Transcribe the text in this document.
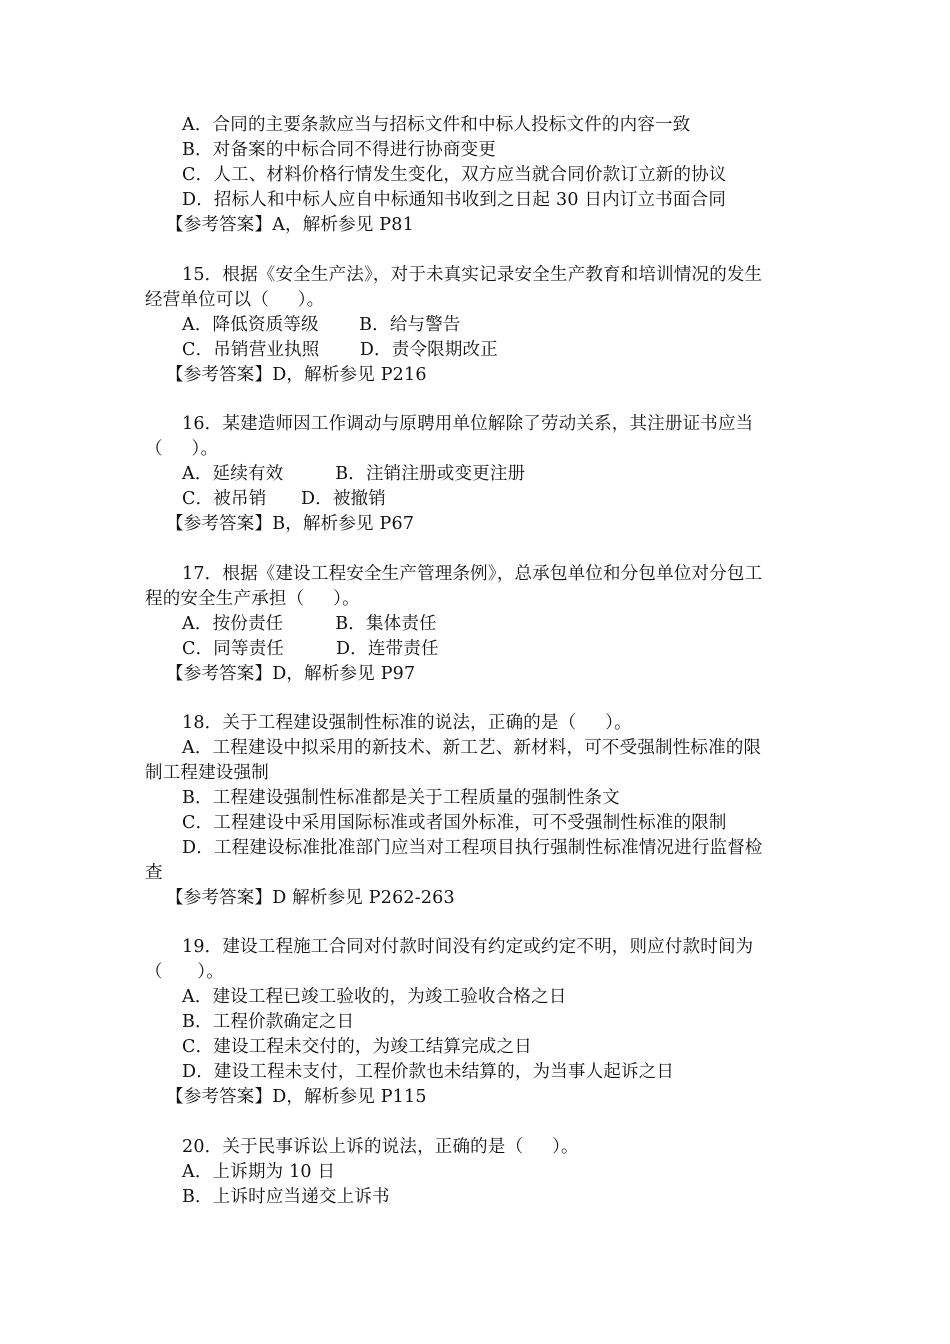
A．合同的主要条款应当与招标文件和中标人投标文件的内容一致
B．对备案的中标合同不得进行协商变更
C．人工、材料价格行情发生变化，双方应当就合同价款订立新的协议
D．招标人和中标人应自中标通知书收到之日起 30 日内订立书面合同
【参考答案】A，解析参见 P81
15．根据《安全生产法》，对于未真实记录安全生产教育和培训情况的发生
经营单位可以（     ）。
A．降低资质等级       B．给与警告
C．吊销营业执照       D．责令限期改正
【参考答案】D，解析参见 P216
16．某建造师因工作调动与原聘用单位解除了劳动关系，其注册证书应当
（     ）。
A．延续有效         B．注销注册或变更注册
C．被吊销      D．被撤销
【参考答案】B，解析参见 P67
17．根据《建设工程安全生产管理条例》，总承包单位和分包单位对分包工
程的安全生产承担（     ）。
A．按份责任         B．集体责任
C．同等责任         D．连带责任
【参考答案】D，解析参见 P97
18．关于工程建设强制性标准的说法，正确的是（     ）。
A．工程建设中拟采用的新技术、新工艺、新材料，可不受强制性标准的限
制工程建设强制
B．工程建设强制性标准都是关于工程质量的强制性条文
C．工程建设中采用国际标准或者国外标准，可不受强制性标准的限制
D．工程建设标准批准部门应当对工程项目执行强制性标准情况进行监督检
查
【参考答案】D 解析参见 P262-263
19．建设工程施工合同对付款时间没有约定或约定不明，则应付款时间为
（      ）。
A．建设工程已竣工验收的，为竣工验收合格之日
B．工程价款确定之日
C．建设工程未交付的，为竣工结算完成之日
D．建设工程未支付，工程价款也未结算的，为当事人起诉之日
【参考答案】D，解析参见 P115
20．关于民事诉讼上诉的说法，正确的是（     ）。
A．上诉期为 10 日
B．上诉时应当递交上诉书
